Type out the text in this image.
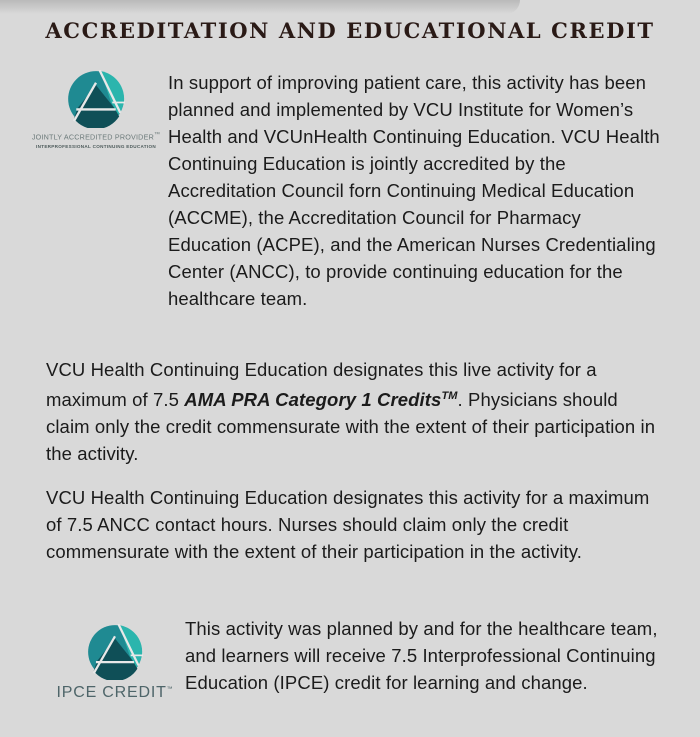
ACCREDITATION AND EDUCATIONAL CREDIT
JOINTLY ACCREDITED PROVIDER™
INTERPROFESSIONAL CONTINUING EDUCATION

In support of improving patient care, this activity has been planned and implemented by VCU Institute for Women’s Health and VCUnHealth Continuing Education. VCU Health Continuing Education is jointly accredited by the Accreditation Council forn Continuing Medical Education (ACCME), the Accreditation Council for Pharmacy Education (ACPE), and the American Nurses Credentialing Center (ANCC), to provide continuing education for the healthcare team.

VCU Health Continuing Education designates this live activity for a maximum of 7.5 AMA PRA Category 1 Credits™. Physicians should claim only the credit commensurate with the extent of their participation in the activity.

VCU Health Continuing Education designates this activity for a maximum of 7.5 ANCC contact hours. Nurses should claim only the credit commensurate with the extent of their participation in the activity.

IPCE CREDIT™

This activity was planned by and for the healthcare team, and learners will receive 7.5 Interprofessional Continuing Education (IPCE) credit for learning and change.
